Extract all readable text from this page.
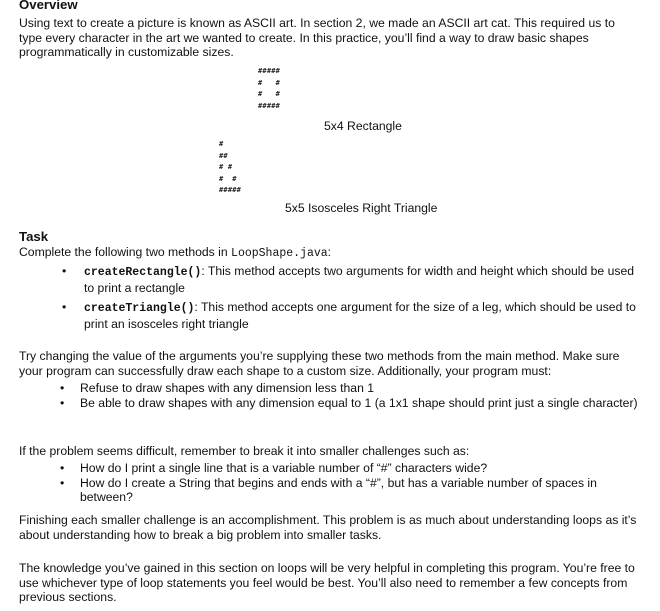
Overview
Using text to create a picture is known as ASCII art. In section 2, we made an ASCII art cat. This required us to type every character in the art we wanted to create. In this practice, you’ll find a way to draw basic shapes programmatically in customizable sizes.
#####
#   #
#   #
#####
5x4 Rectangle
#
##
# #
#  #
#####
5x5 Isosceles Right Triangle
Task
Complete the following two methods in LoopShape.java:
• createRectangle(): This method accepts two arguments for width and height which should be used to print a rectangle
• createTriangle(): This method accepts one argument for the size of a leg, which should be used to print an isosceles right triangle
Try changing the value of the arguments you’re supplying these two methods from the main method. Make sure your program can successfully draw each shape to a custom size. Additionally, your program must:
• Refuse to draw shapes with any dimension less than 1
• Be able to draw shapes with any dimension equal to 1 (a 1x1 shape should print just a single character)
If the problem seems difficult, remember to break it into smaller challenges such as:
• How do I print a single line that is a variable number of “#” characters wide?
• How do I create a String that begins and ends with a “#”, but has a variable number of spaces in between?
Finishing each smaller challenge is an accomplishment. This problem is as much about understanding loops as it’s about understanding how to break a big problem into smaller tasks.
The knowledge you’ve gained in this section on loops will be very helpful in completing this program. You’re free to use whichever type of loop statements you feel would be best. You’ll also need to remember a few concepts from previous sections.
